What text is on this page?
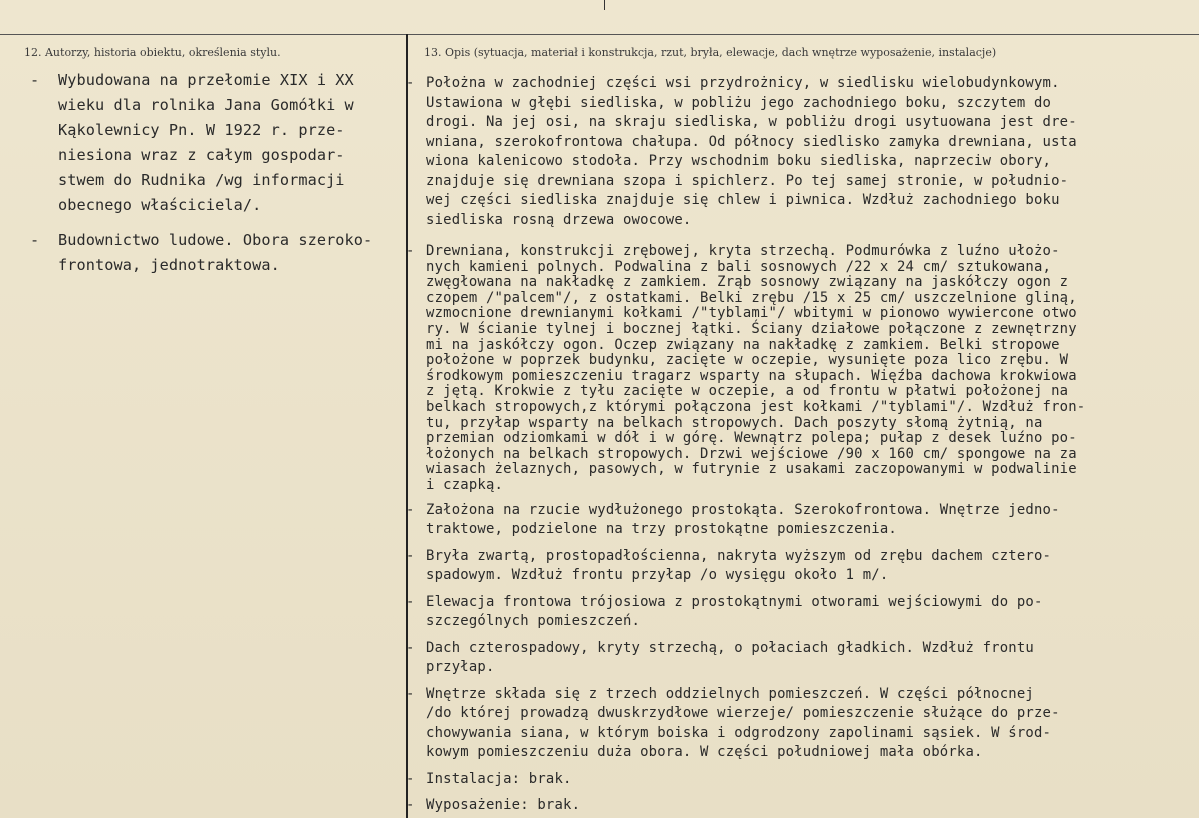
12. Autorzy, historia obiektu, określenia stylu.	13. Opis (sytuacja, materiał i konstrukcja, rzut, bryła, elewacje, dach wnętrze wyposażenie, instalacje)
- Wybudowana na przełomie XIX i XX
wieku dla rolnika Jana Gomółki w
Kąkolewnicy Pn. W 1922 r. prze-
niesiona wraz z całym gospodar-
stwem do Rudnika /wg informacji
obecnego właściciela/.
- Budownictwo ludowe. Obora szeroko-
frontowa, jednotraktowa.
- Położna w zachodniej części wsi przydrożnicy, w siedlisku wielobudynkowym.
Ustawiona w głębi siedliska, w pobliżu jego zachodniego boku, szczytem do
drogi. Na jej osi, na skraju siedliska, w pobliżu drogi usytuowana jest dre-
wniana, szerokofrontowa chałupa. Od północy siedlisko zamyka drewniana, usta
wiona kalenicowo stodoła. Przy wschodnim boku siedliska, naprzeciw obory,
znajduje się drewniana szopa i spichlerz. Po tej samej stronie, w południo-
wej części siedliska znajduje się chlew i piwnica. Wzdłuż zachodniego boku
siedliska rosną drzewa owocowe.
- Drewniana, konstrukcji zrębowej, kryta strzechą. Podmurówka z luźno ułożo-
nych kamieni polnych. Podwalina z bali sosnowych /22 x 24 cm/ sztukowana,
zwęgłowana na nakładkę z zamkiem. Zrąb sosnowy związany na jaskółczy ogon z
czopem /"palcem"/, z ostatkami. Belki zrębu /15 x 25 cm/ uszczelnione gliną,
wzmocnione drewnianymi kołkami /"tyblami"/ wbitymi w pionowo wywiercone otwo
ry. W ścianie tylnej i bocznej łątki. Ściany działowe połączone z zewnętrzny
mi na jaskółczy ogon. Oczep związany na nakładkę z zamkiem. Belki stropowe
położone w poprzek budynku, zacięte w oczepie, wysunięte poza lico zrębu. W
środkowym pomieszczeniu tragarz wsparty na słupach. Więźba dachowa krokwiowa
z jętą. Krokwie z tyłu zacięte w oczepie, a od frontu w płatwi położonej na
belkach stropowych,z którymi połączona jest kołkami /"tyblami"/. Wzdłuż fron-
tu, przyłap wsparty na belkach stropowych. Dach poszyty słomą żytnią, na
przemian odziomkami w dół i w górę. Wewnątrz polepa; pułap z desek luźno po-
łożonych na belkach stropowych. Drzwi wejściowe /90 x 160 cm/ spongowe na za
wiasach żelaznych, pasowych, w futrynie z usakami zaczopowanymi w podwalinie
i czapką.
- Założona na rzucie wydłużonego prostokąta. Szerokofrontowa. Wnętrze jedno-
traktowe, podzielone na trzy prostokątne pomieszczenia.
- Bryła zwartą, prostopadłościenna, nakryta wyższym od zrębu dachem cztero-
spadowym. Wzdłuż frontu przyłap /o wysięgu około 1 m/.
- Elewacja frontowa trójosiowa z prostokątnymi otworami wejściowymi do po-
szczególnych pomieszczeń.
- Dach czterospadowy, kryty strzechą, o połaciach gładkich. Wzdłuż frontu
przyłap.
- Wnętrze składa się z trzech oddzielnych pomieszczeń. W części północnej
/do której prowadzą dwuskrzydłowe wierzeje/ pomieszczenie służące do prze-
chowywania siana, w którym boiska i odgrodzony zapolinami sąsiek. W środ-
kowym pomieszczeniu duża obora. W części południowej mała obórka.
- Instalacja: brak.
- Wyposażenie: brak.
